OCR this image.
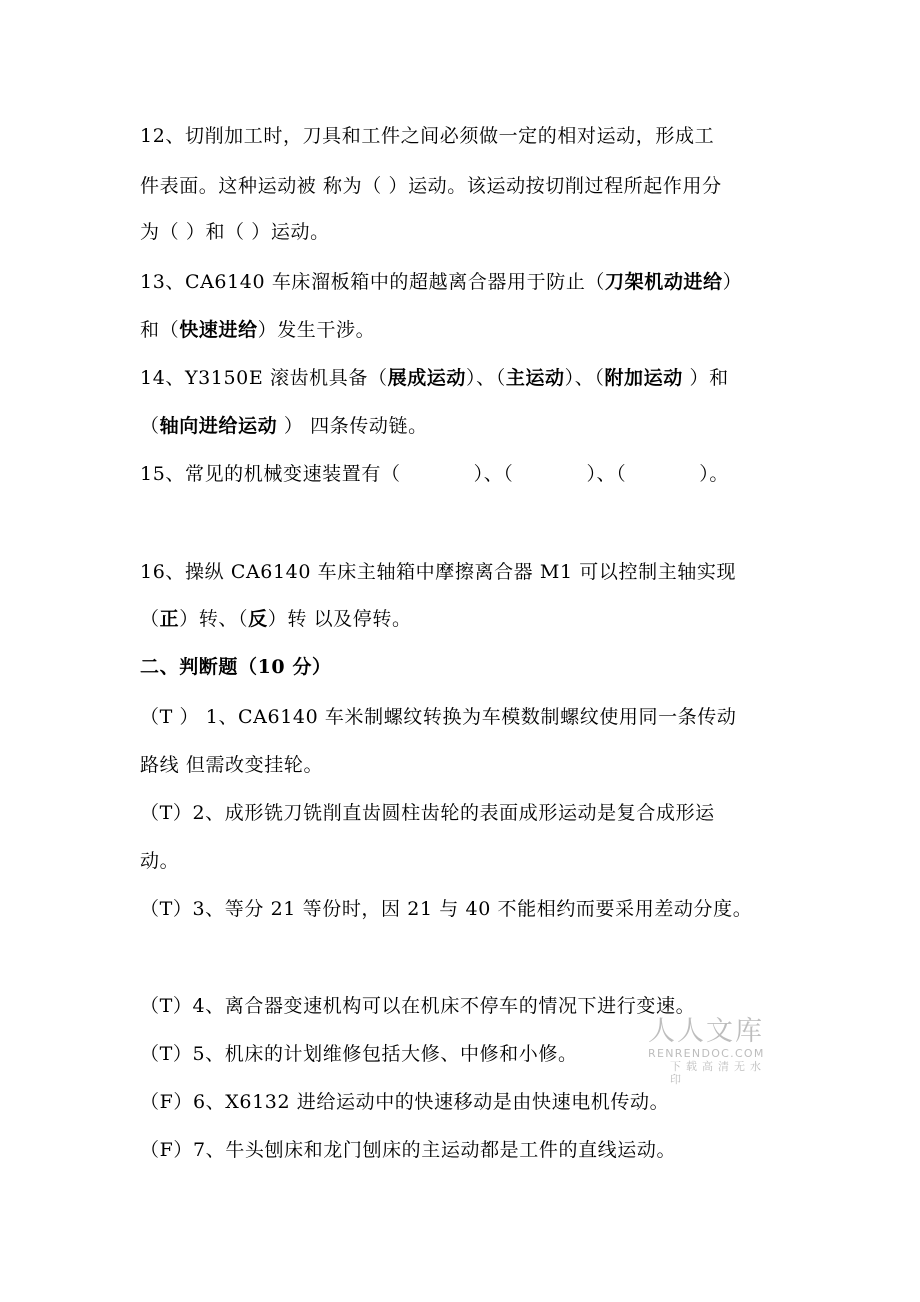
12、切削加工时，刀具和工件之间必须做一定的相对运动，形成工
件表面。这种运动被 称为（ ）运动。该运动按切削过程所起作用分
为（ ）和（ ）运动。
13、CA6140 车床溜板箱中的超越离合器用于防止（刀架机动进给）
和（快速进给）发生干涉。
14、Y3150E 滚齿机具备（展成运动）、（主运动）、（附加运动 ）和
（轴向进给运动 ） 四条传动链。
15、常见的机械变速装置有（           ）、（           ）、（           ）。
16、操纵 CA6140 车床主轴箱中摩擦离合器 M1 可以控制主轴实现
（正）转、（反）转 以及停转。
二、判断题（10 分）
（T ） 1、CA6140 车米制螺纹转换为车模数制螺纹使用同一条传动
路线 但需改变挂轮。
（T）2、成形铣刀铣削直齿圆柱齿轮的表面成形运动是复合成形运
动。
（T）3、等分 21 等份时，因 21 与 40 不能相约而要采用差动分度。
（T）4、离合器变速机构可以在机床不停车的情况下进行变速。
（T）5、机床的计划维修包括大修、中修和小修。
（F）6、X6132 进给运动中的快速移动是由快速电机传动。
（F）7、牛头刨床和龙门刨床的主运动都是工件的直线运动。
人人文库
RENRENDOC.COM
下载高清无水印
